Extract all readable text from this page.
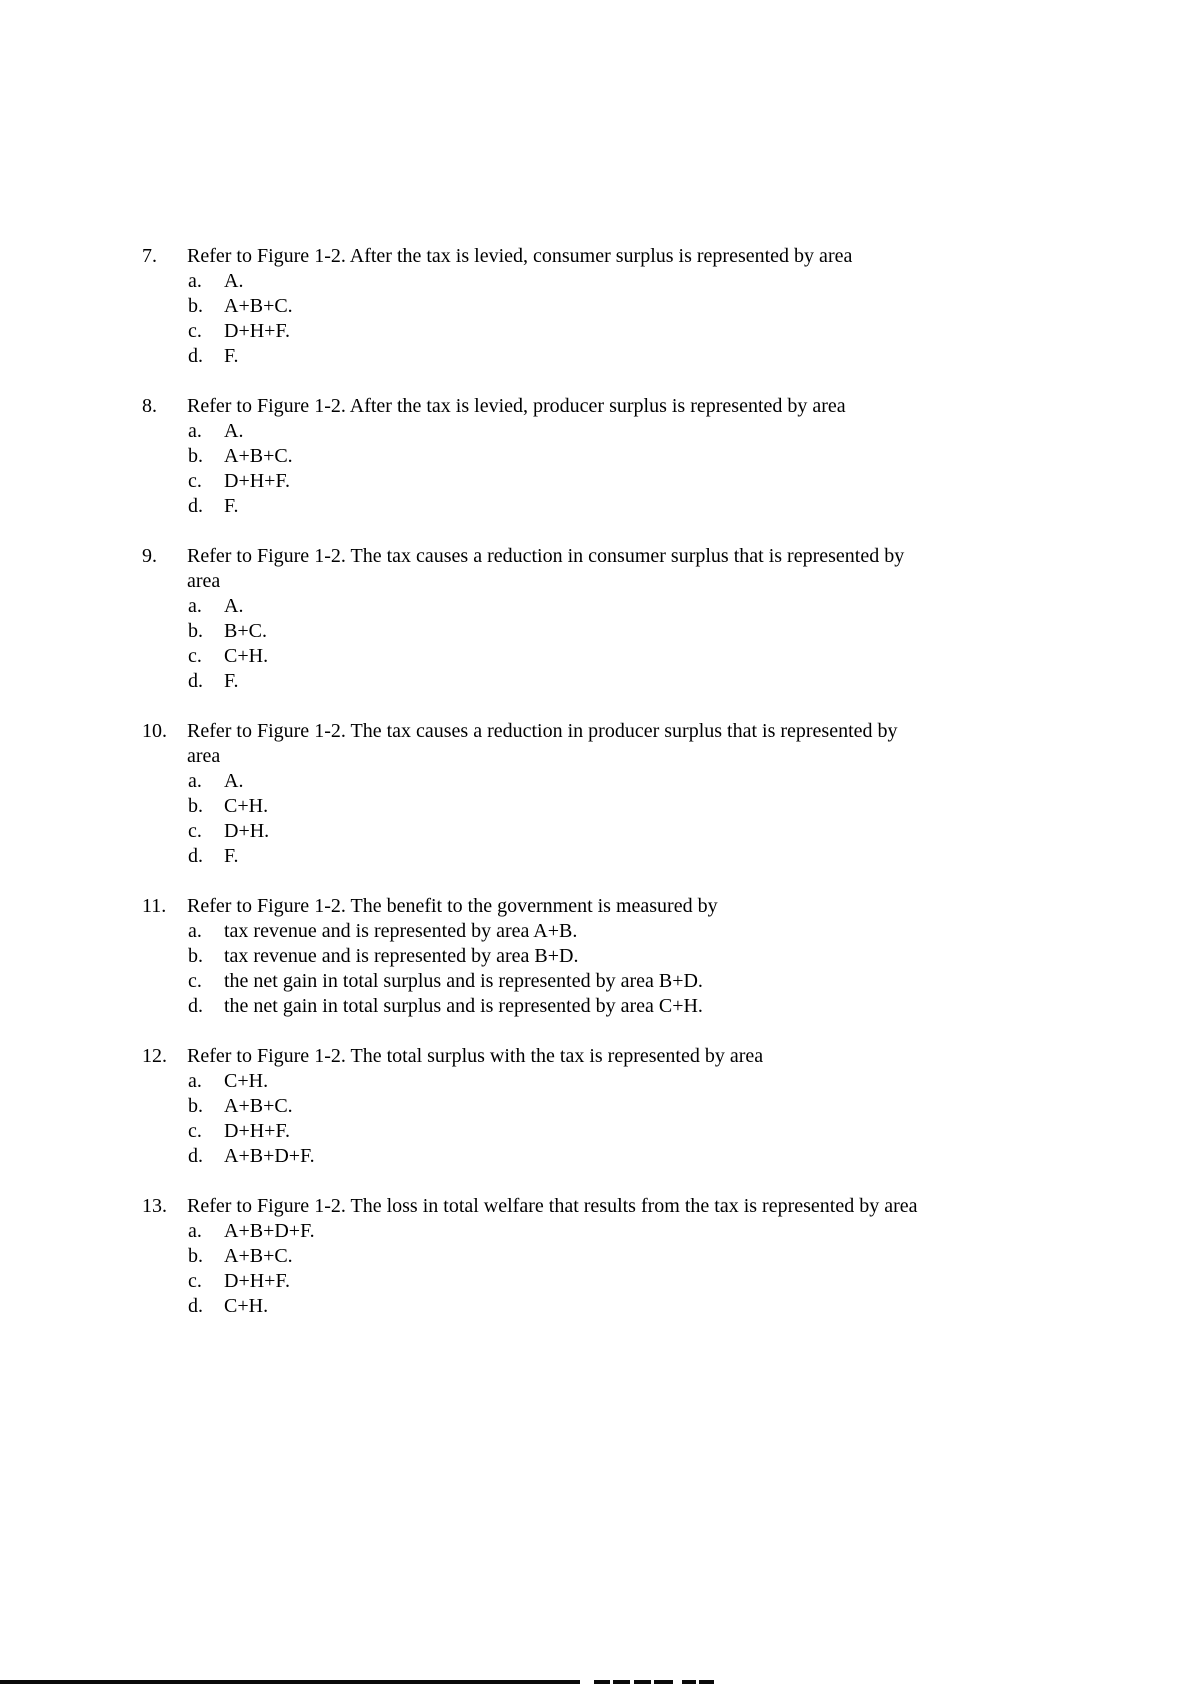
7. Refer to Figure 1-2. After the tax is levied, consumer surplus is represented by area
a.	A.
b.	A+B+C.
c.	D+H+F.
d.	F.
8. Refer to Figure 1-2. After the tax is levied, producer surplus is represented by area
a.	A.
b.	A+B+C.
c.	D+H+F.
d.	F.
9. Refer to Figure 1-2. The tax causes a reduction in consumer surplus that is represented by
area
a.	A.
b.	B+C.
c.	C+H.
d.	F.
10. Refer to Figure 1-2. The tax causes a reduction in producer surplus that is represented by
area
a.	A.
b.	C+H.
c.	D+H.
d.	F.
11. Refer to Figure 1-2. The benefit to the government is measured by
a.	tax revenue and is represented by area A+B.
b.	tax revenue and is represented by area B+D.
c.	the net gain in total surplus and is represented by area B+D.
d.	the net gain in total surplus and is represented by area C+H.
12. Refer to Figure 1-2. The total surplus with the tax is represented by area
a.	C+H.
b.	A+B+C.
c.	D+H+F.
d.	A+B+D+F.
13. Refer to Figure 1-2. The loss in total welfare that results from the tax is represented by area
a.	A+B+D+F.
b.	A+B+C.
c.	D+H+F.
d.	C+H.
